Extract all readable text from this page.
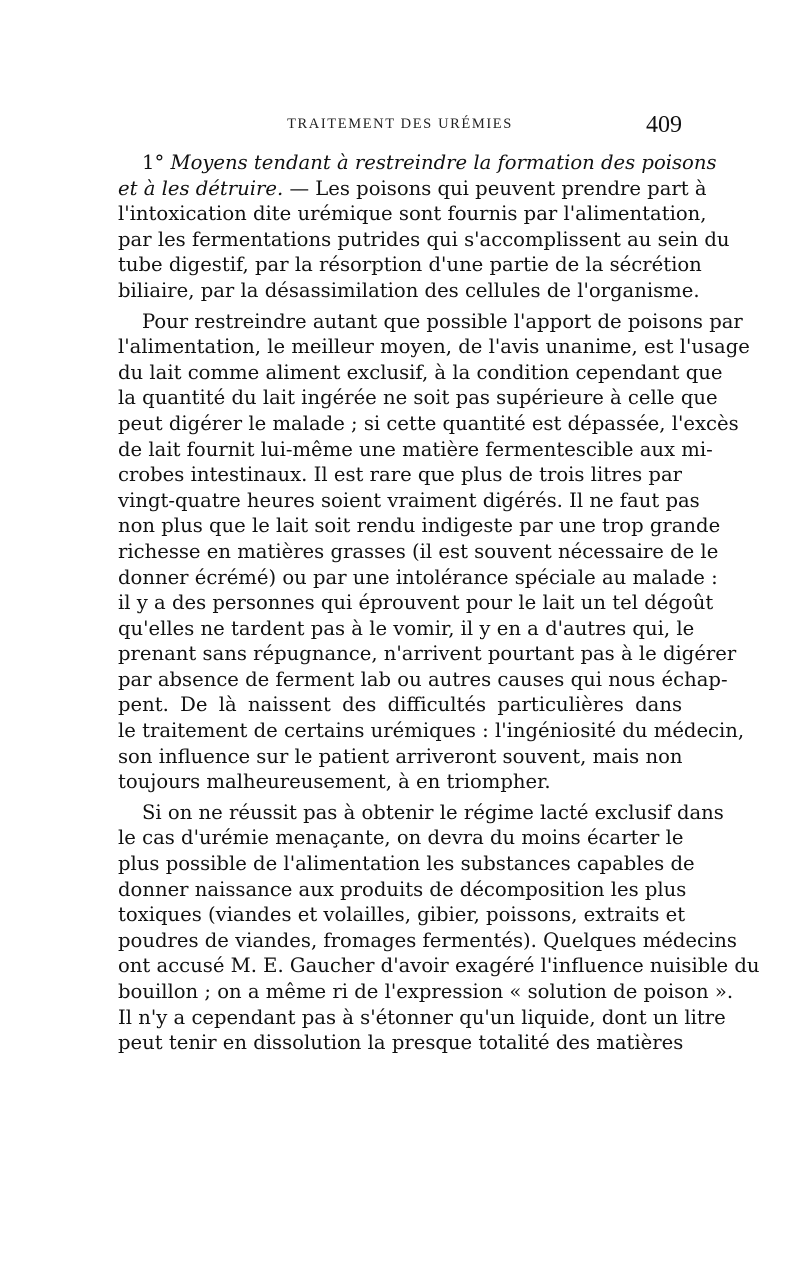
TRAITEMENT DES URÉMIES	409
1° Moyens tendant à restreindre la formation des poisons
et à les détruire. — Les poisons qui peuvent prendre part à
l'intoxication dite urémique sont fournis par l'alimentation,
par les fermentations putrides qui s'accomplissent au sein du
tube digestif, par la résorption d'une partie de la sécrétion
biliaire, par la désassimilation des cellules de l'organisme.
Pour restreindre autant que possible l'apport de poisons par
l'alimentation, le meilleur moyen, de l'avis unanime, est l'usage
du lait comme aliment exclusif, à la condition cependant que
la quantité du lait ingérée ne soit pas supérieure à celle que
peut digérer le malade ; si cette quantité est dépassée, l'excès
de lait fournit lui-même une matière fermentescible aux mi-
crobes intestinaux. Il est rare que plus de trois litres par
vingt-quatre heures soient vraiment digérés. Il ne faut pas
non plus que le lait soit rendu indigeste par une trop grande
richesse en matières grasses (il est souvent nécessaire de le
donner écrémé) ou par une intolérance spéciale au malade :
il y a des personnes qui éprouvent pour le lait un tel dégoût
qu'elles ne tardent pas à le vomir, il y en a d'autres qui, le
prenant sans répugnance, n'arrivent pourtant pas à le digérer
par absence de ferment lab ou autres causes qui nous échap-
pent. De là naissent des difficultés particulières dans
le traitement de certains urémiques : l'ingéniosité du médecin,
son influence sur le patient arriveront souvent, mais non
toujours malheureusement, à en triompher.
Si on ne réussit pas à obtenir le régime lacté exclusif dans
le cas d'urémie menaçante, on devra du moins écarter le
plus possible de l'alimentation les substances capables de
donner naissance aux produits de décomposition les plus
toxiques (viandes et volailles, gibier, poissons, extraits et
poudres de viandes, fromages fermentés). Quelques médecins
ont accusé M. E. Gaucher d'avoir exagéré l'influence nuisible du
bouillon ; on a même ri de l'expression « solution de poison ».
Il n'y a cependant pas à s'étonner qu'un liquide, dont un litre
peut tenir en dissolution la presque totalité des matières
